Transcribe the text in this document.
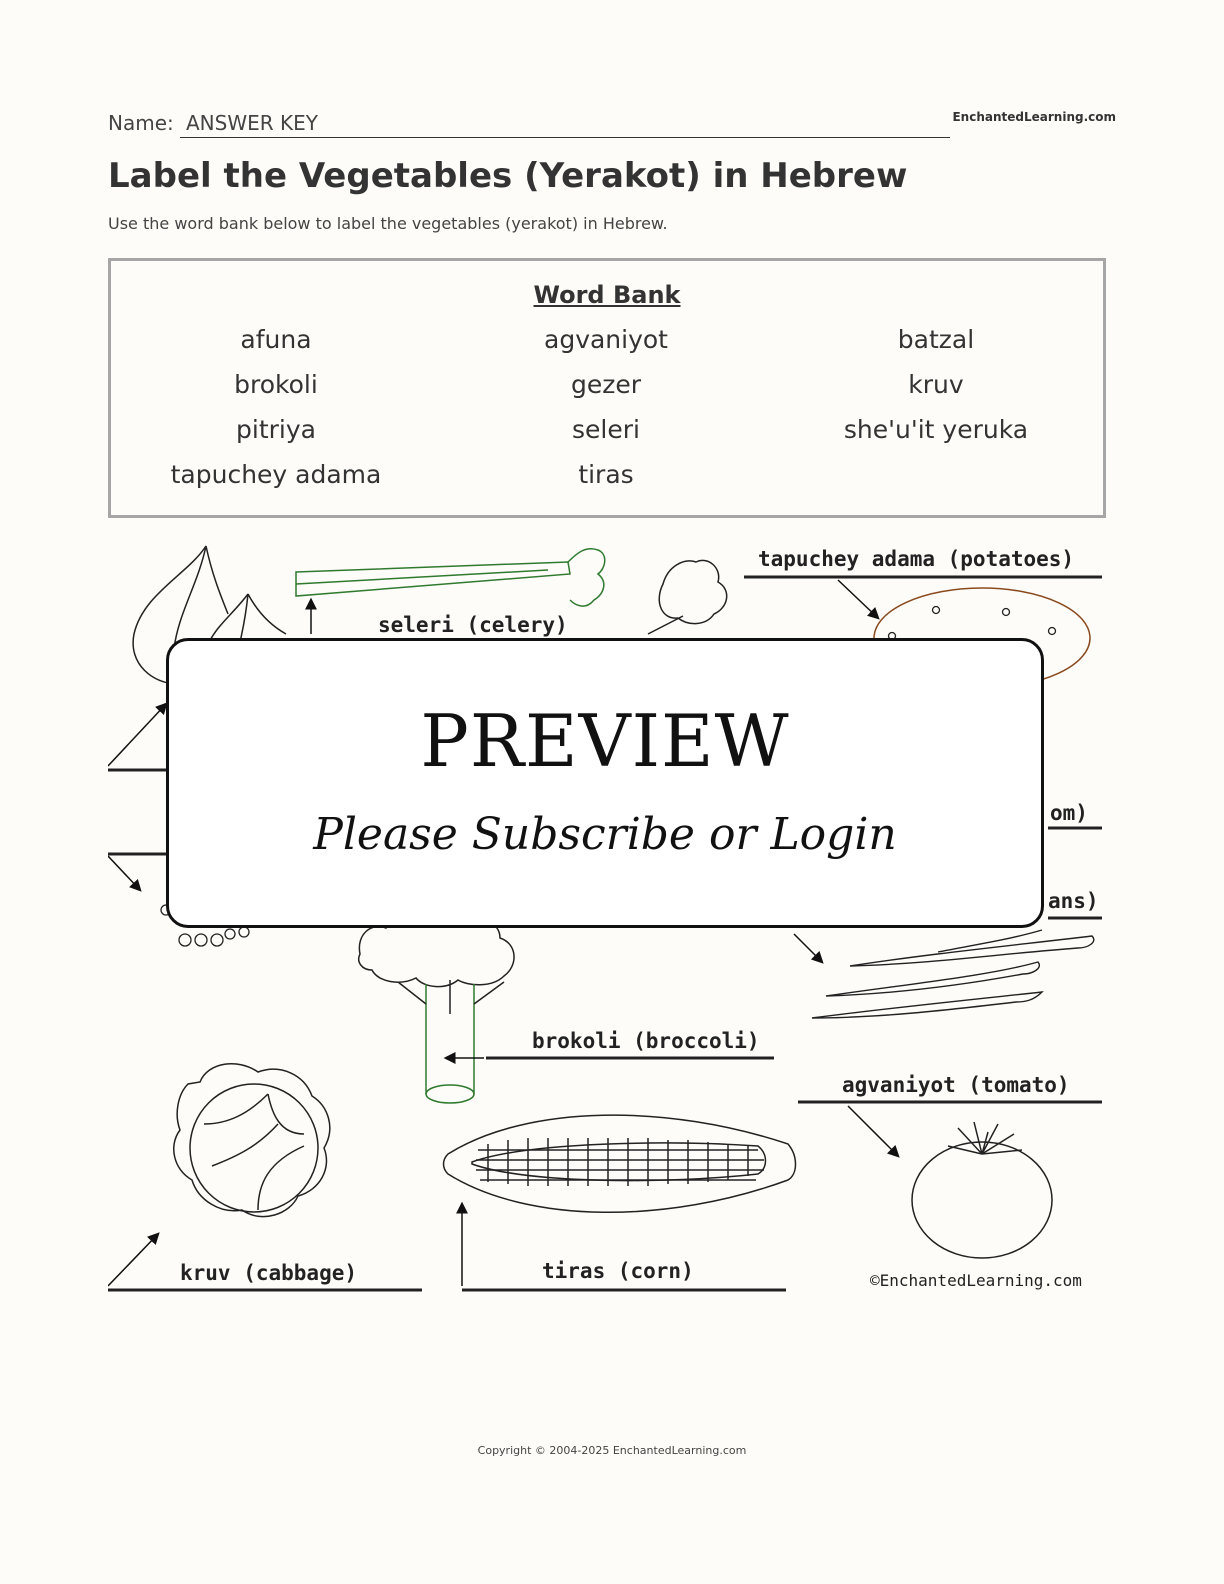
Name: ANSWER KEY	EnchantedLearning.com
Label the Vegetables (Yerakot) in Hebrew
Use the word bank below to label the vegetables (yerakot) in Hebrew.
Word Bank
afuna	agvaniyot	batzal
brokoli	gezer	kruv
pitriya	seleri	she'u'it yeruka
tapuchey adama	tiras
seleri (celery)
tapuchey adama (potatoes)
om)
ans)
brokoli (broccoli)
agvaniyot (tomato)
kruv (cabbage)	tiras (corn)	©EnchantedLearning.com
PREVIEW
Please Subscribe or Login
Copyright © 2004-2025 EnchantedLearning.com
